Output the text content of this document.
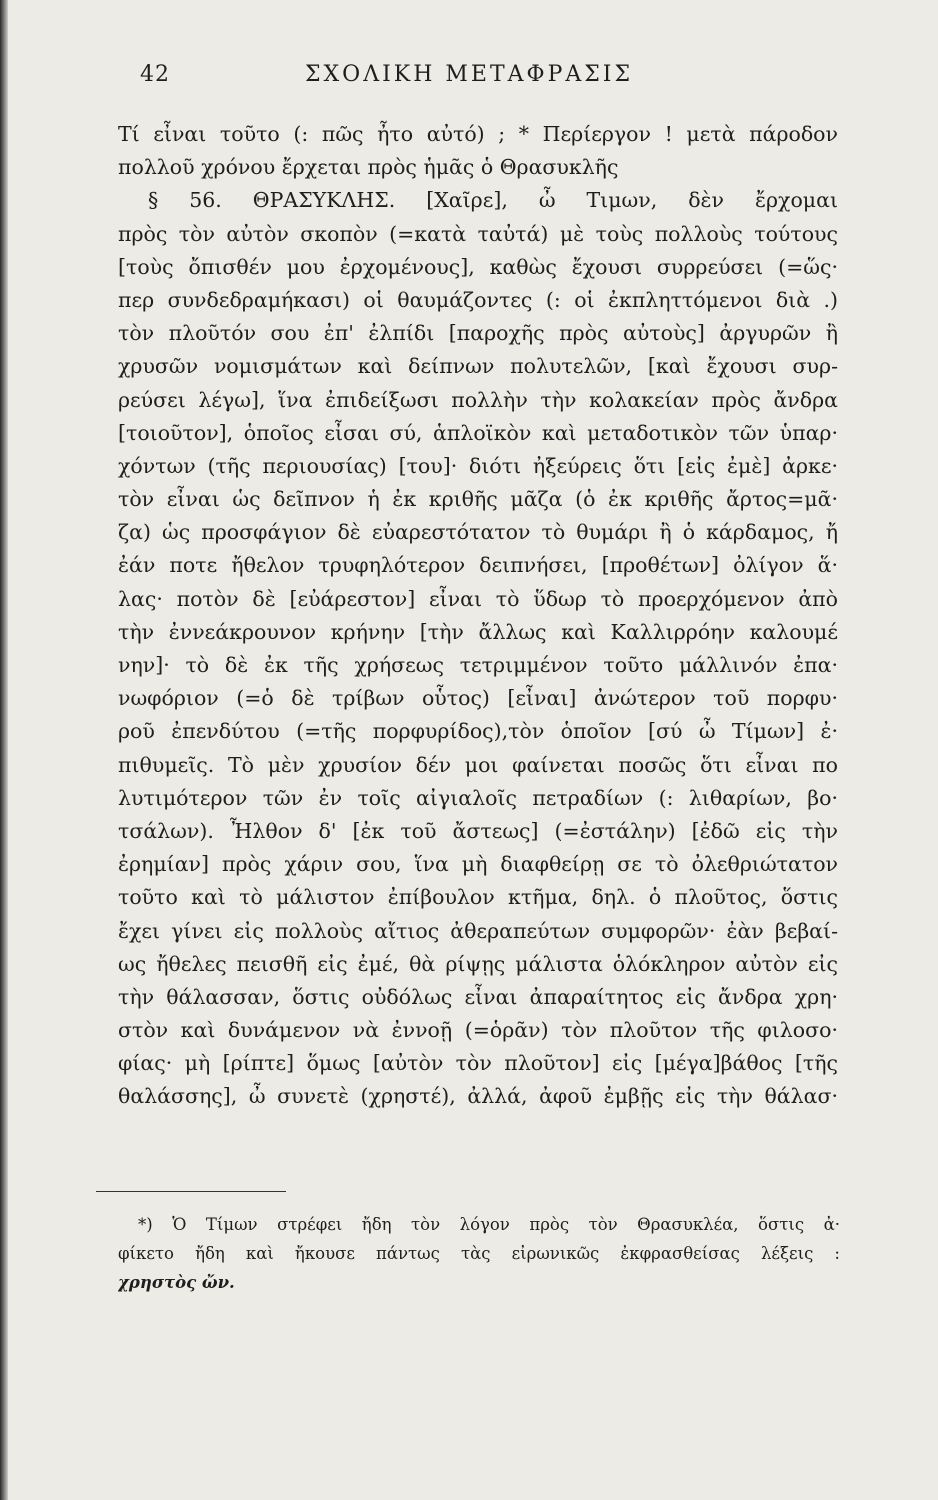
42	ΣΧΟΛΙΚΗ ΜΕΤΑΦΡΑΣΙΣ
Τί εἶναι τοῦτο (: πῶς ἦτο αὐτό) ; * Περίεργον ! μετὰ πάροδον
πολλοῦ χρόνου ἔρχεται πρὸς ἡμᾶς ὁ Θρασυκλῆς
§ 56. ΘΡΑΣΥΚΛΗΣ. [Χαῖρε], ὦ Τιμων, δὲν ἔρχομαι
πρὸς τὸν αὐτὸν σκοπὸν (=κατὰ ταὐτά) μὲ τοὺς πολλοὺς τούτους
[τοὺς ὄπισθέν μου ἐρχομένους], καθὼς ἔχουσι συρρεύσει (=ὥς·
περ συνδεδραμήκασι) οἱ θαυμάζοντες (: οἱ ἐκπληττόμενοι διὰ .)
τὸν πλοῦτόν σου ἐπ' ἐλπίδι [παροχῆς πρὸς αὐτοὺς] ἀργυρῶν ἢ
χρυσῶν νομισμάτων καὶ δείπνων πολυτελῶν, [καὶ ἔχουσι συρ-
ρεύσει λέγω], ἵνα ἐπιδείξωσι πολλὴν τὴν κολακείαν πρὸς ἄνδρα
[τοιοῦτον], ὁποῖος εἶσαι σύ, ἁπλοϊκὸν καὶ μεταδοτικὸν τῶν ὑπαρ·
χόντων (τῆς περιουσίας) [του]· διότι ἠξεύρεις ὅτι [εἰς ἐμὲ] ἀρκε·
τὸν εἶναι ὡς δεῖπνον ἡ ἐκ κριθῆς μᾶζα (ὁ ἐκ κριθῆς ἄρτος=μᾶ·
ζα) ὡς προσφάγιον δὲ εὐαρεστότατον τὸ θυμάρι ἢ ὁ κάρδαμος, ἤ
ἐάν ποτε ἤθελον τρυφηλότερον δειπνήσει, [προθέτων] ὀλίγον ἅ·
λας· ποτὸν δὲ [εὐάρεστον] εἶναι τὸ ὕδωρ τὸ προερχόμενον ἀπὸ
τὴν ἐννεάκρουνον κρήνην [τὴν ἄλλως καὶ Καλλιρρόην καλουμέ
νην]· τὸ δὲ ἐκ τῆς χρήσεως τετριμμένον τοῦτο μάλλινόν ἐπα·
νωφόριον (=ὁ δὲ τρίβων οὗτος) [εἶναι] ἀνώτερον τοῦ πορφυ·
ροῦ ἐπενδύτου (=τῆς πορφυρίδος),τὸν ὁποῖον [σύ ὦ Τίμων] ἐ·
πιθυμεῖς. Τὸ μὲν χρυσίον δέν μοι φαίνεται ποσῶς ὅτι εἶναι πο
λυτιμότερον τῶν ἐν τοῖς αἰγιαλοῖς πετραδίων (: λιθαρίων, βο·
τσάλων). Ἦλθον δ' [ἐκ τοῦ ἄστεως] (=ἐστάλην) [ἐδῶ εἰς τὴν
ἐρημίαν] πρὸς χάριν σου, ἵνα μὴ διαφθείρῃ σε τὸ ὀλεθριώτατον
τοῦτο καὶ τὸ μάλιστον ἐπίβουλον κτῆμα, δηλ. ὁ πλοῦτος, ὅστις
ἔχει γίνει εἰς πολλοὺς αἴτιος ἀθεραπεύτων συμφορῶν· ἐὰν βεβαί-
ως ἤθελες πεισθῆ εἰς ἐμέ, θὰ ρίψῃς μάλιστα ὁλόκληρον αὐτὸν εἰς
τὴν θάλασσαν, ὅστις οὐδόλως εἶναι ἀπαραίτητος εἰς ἄνδρα χρη·
στὸν καὶ δυνάμενον νὰ ἐννοῇ (=ὁρᾶν) τὸν πλοῦτον τῆς φιλοσο·
φίας· μὴ [ρίπτε] ὅμως [αὐτὸν τὸν πλοῦτον] εἰς [μέγα]βάθος [τῆς
θαλάσσης], ὦ συνετὲ (χρηστέ), ἀλλά, ἀφοῦ ἐμβῇς εἰς τὴν θάλασ·
*) Ὁ Τίμων στρέφει ἤδη τὸν λόγον πρὸς τὸν Θρασυκλέα, ὅστις ἀ·
φίκετο ἤδη καὶ ἤκουσε πάντως τὰς εἰρωνικῶς ἐκφρασθείσας λέξεις :
χρηστὸς ὤν.
